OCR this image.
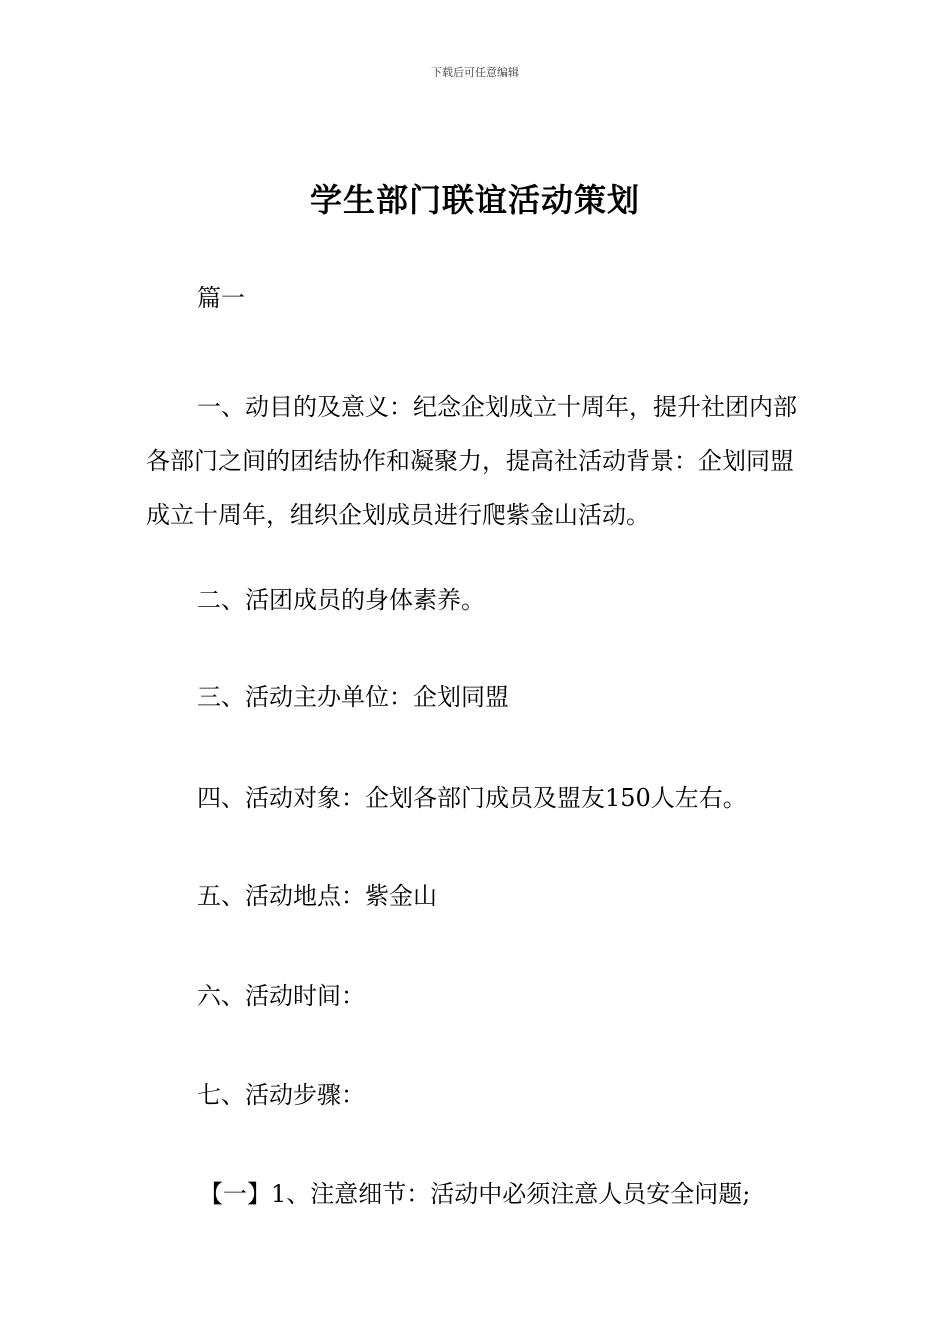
下载后可任意编辑
学生部门联谊活动策划

篇一

一、动目的及意义：纪念企划成立十周年，提升社团内部各部门之间的团结协作和凝聚力，提高社活动背景：企划同盟成立十周年，组织企划成员进行爬紫金山活动。

二、活团成员的身体素养。

三、活动主办单位：企划同盟

四、活动对象：企划各部门成员及盟友150人左右。

五、活动地点：紫金山

六、活动时间：

七、活动步骤：

【一】1、注意细节：活动中必须注意人员安全问题;
